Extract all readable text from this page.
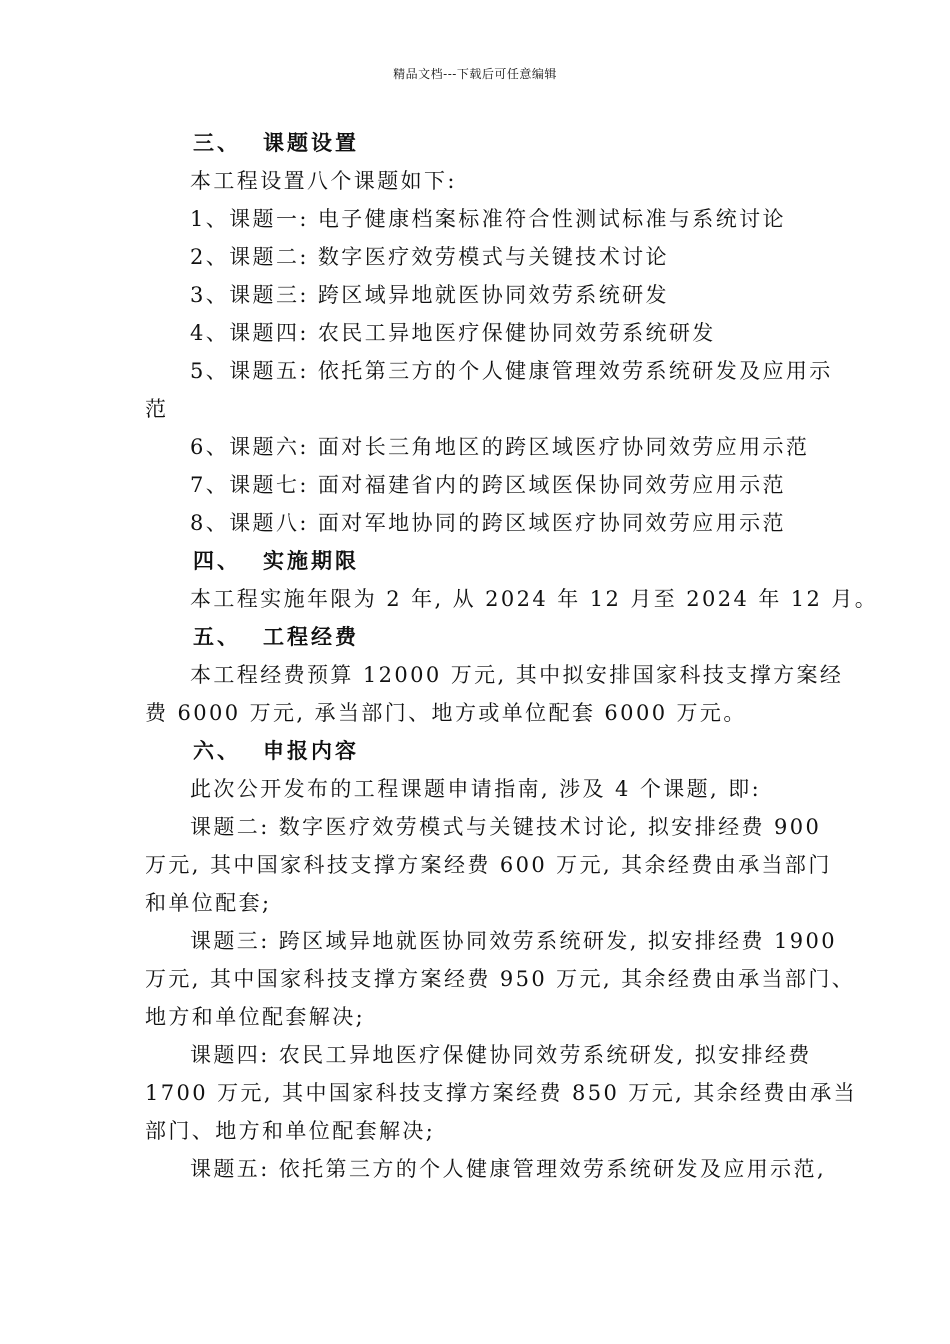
精品文档---下载后可任意编辑
三、 课题设置
本工程设置八个课题如下:
1、课题一: 电子健康档案标准符合性测试标准与系统讨论
2、课题二: 数字医疗效劳模式与关键技术讨论
3、课题三: 跨区域异地就医协同效劳系统研发
4、课题四: 农民工异地医疗保健协同效劳系统研发
5、课题五: 依托第三方的个人健康管理效劳系统研发及应用示
范
6、课题六: 面对长三角地区的跨区域医疗协同效劳应用示范
7、课题七: 面对福建省内的跨区域医保协同效劳应用示范
8、课题八: 面对军地协同的跨区域医疗协同效劳应用示范
四、 实施期限
本工程实施年限为 2 年, 从 2024 年 12 月至 2024 年 12 月。
五、 工程经费
本工程经费预算 12000 万元, 其中拟安排国家科技支撑方案经
费 6000 万元, 承当部门、地方或单位配套 6000 万元。
六、 申报内容
此次公开发布的工程课题申请指南, 涉及 4 个课题, 即:
课题二: 数字医疗效劳模式与关键技术讨论, 拟安排经费 900
万元, 其中国家科技支撑方案经费 600 万元, 其余经费由承当部门
和单位配套;
课题三: 跨区域异地就医协同效劳系统研发, 拟安排经费 1900
万元, 其中国家科技支撑方案经费 950 万元, 其余经费由承当部门、
地方和单位配套解决;
课题四: 农民工异地医疗保健协同效劳系统研发, 拟安排经费
1700 万元, 其中国家科技支撑方案经费 850 万元, 其余经费由承当
部门、地方和单位配套解决;
课题五: 依托第三方的个人健康管理效劳系统研发及应用示范,
